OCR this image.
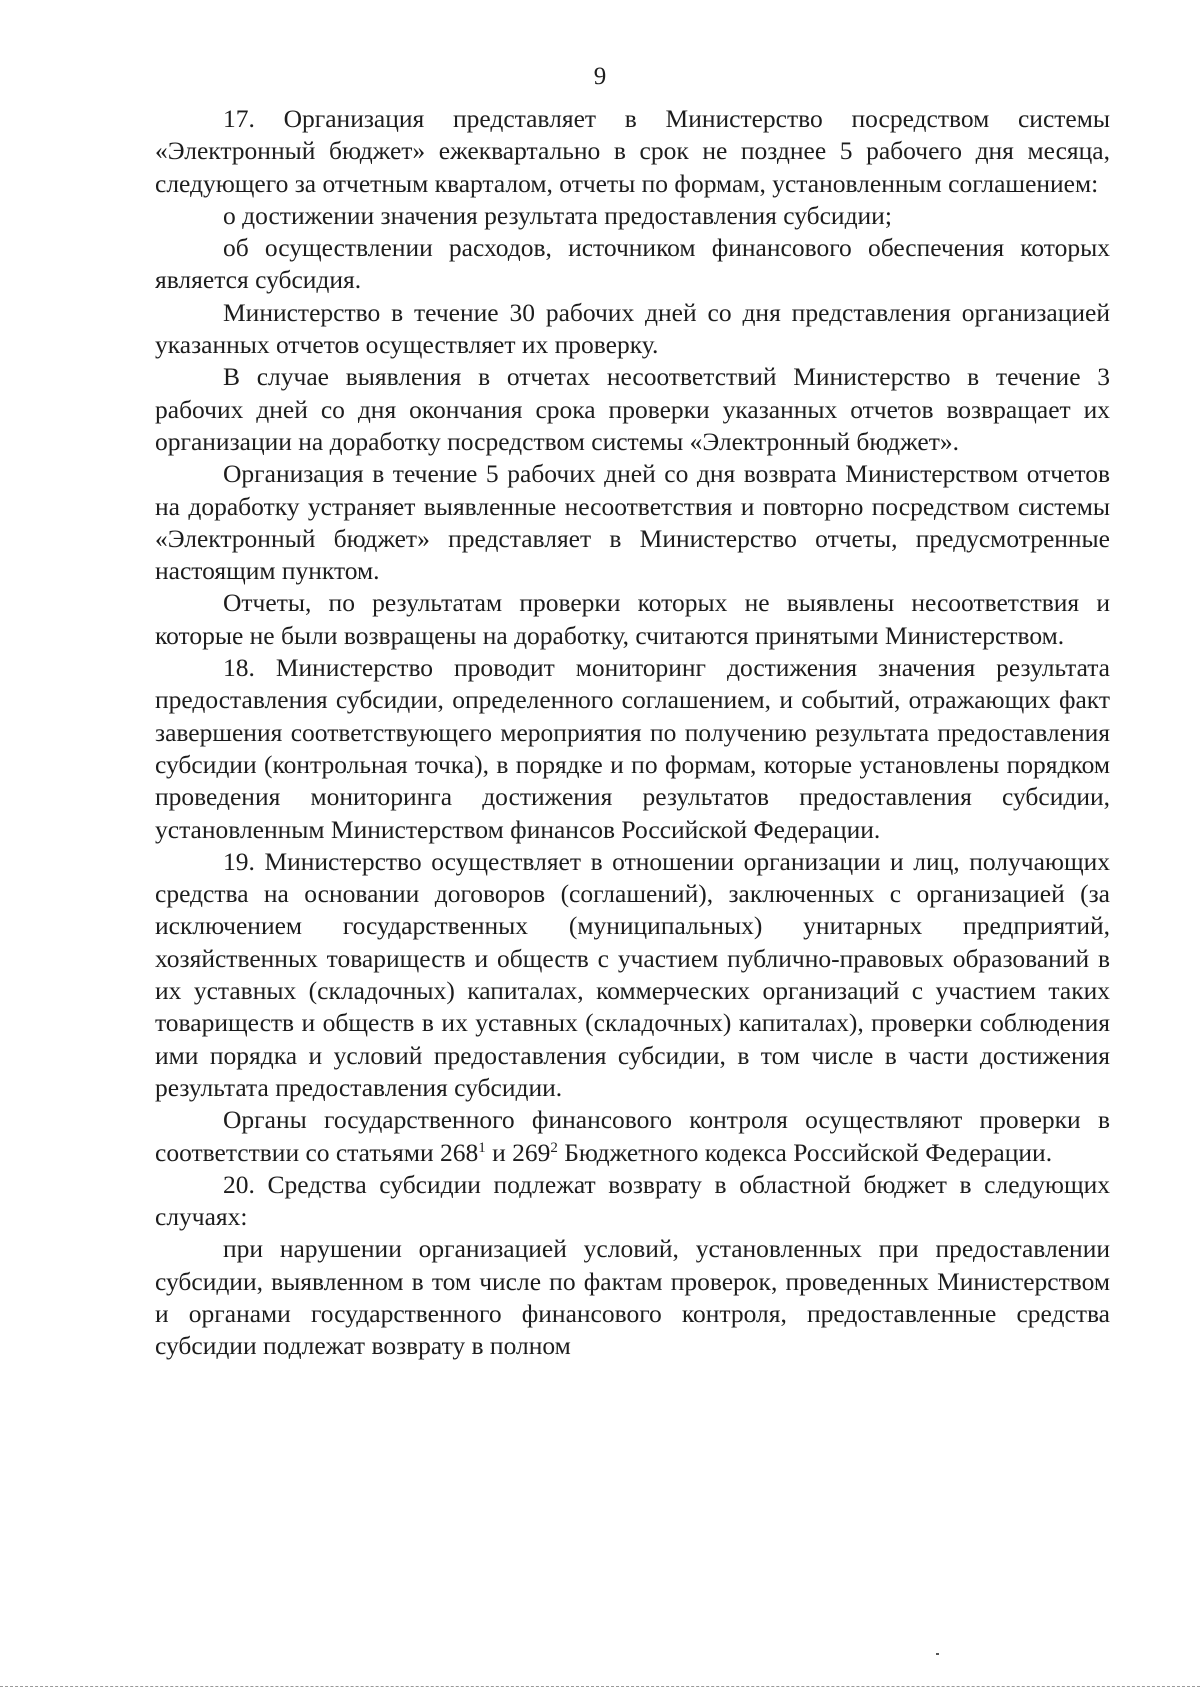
9

17. Организация представляет в Министерство посредством системы «Электронный бюджет» ежеквартально в срок не позднее 5 рабочего дня месяца, следующего за отчетным кварталом, отчеты по формам, установленным соглашением:

о достижении значения результата предоставления субсидии;

об осуществлении расходов, источником финансового обеспечения которых является субсидия.

Министерство в течение 30 рабочих дней со дня представления организацией указанных отчетов осуществляет их проверку.

В случае выявления в отчетах несоответствий Министерство в течение 3 рабочих дней со дня окончания срока проверки указанных отчетов возвращает их организации на доработку посредством системы «Электронный бюджет».

Организация в течение 5 рабочих дней со дня возврата Министерством отчетов на доработку устраняет выявленные несоответствия и повторно посредством системы «Электронный бюджет» представляет в Министерство отчеты, предусмотренные настоящим пунктом.

Отчеты, по результатам проверки которых не выявлены несоответствия и которые не были возвращены на доработку, считаются принятыми Министерством.

18. Министерство проводит мониторинг достижения значения результата предоставления субсидии, определенного соглашением, и событий, отражающих факт завершения соответствующего мероприятия по получению результата предоставления субсидии (контрольная точка), в порядке и по формам, которые установлены порядком проведения мониторинга достижения результатов предоставления субсидии, установленным Министерством финансов Российской Федерации.

19. Министерство осуществляет в отношении организации и лиц, получающих средства на основании договоров (соглашений), заключенных с организацией (за исключением государственных (муниципальных) унитарных предприятий, хозяйственных товариществ и обществ с участием публично-правовых образований в их уставных (складочных) капиталах, коммерческих организаций с участием таких товариществ и обществ в их уставных (складочных) капиталах), проверки соблюдения ими порядка и условий предоставления субсидии, в том числе в части достижения результата предоставления субсидии.

Органы государственного финансового контроля осуществляют проверки в соответствии со статьями $268^1$ и $269^2$ Бюджетного кодекса Российской Федерации.

20. Средства субсидии подлежат возврату в областной бюджет в следующих случаях:

при нарушении организацией условий, установленных при предоставлении субсидии, выявленном в том числе по фактам проверок, проведенных Министерством и органами государственного финансового контроля, предоставленные средства субсидии подлежат возврату в полном
